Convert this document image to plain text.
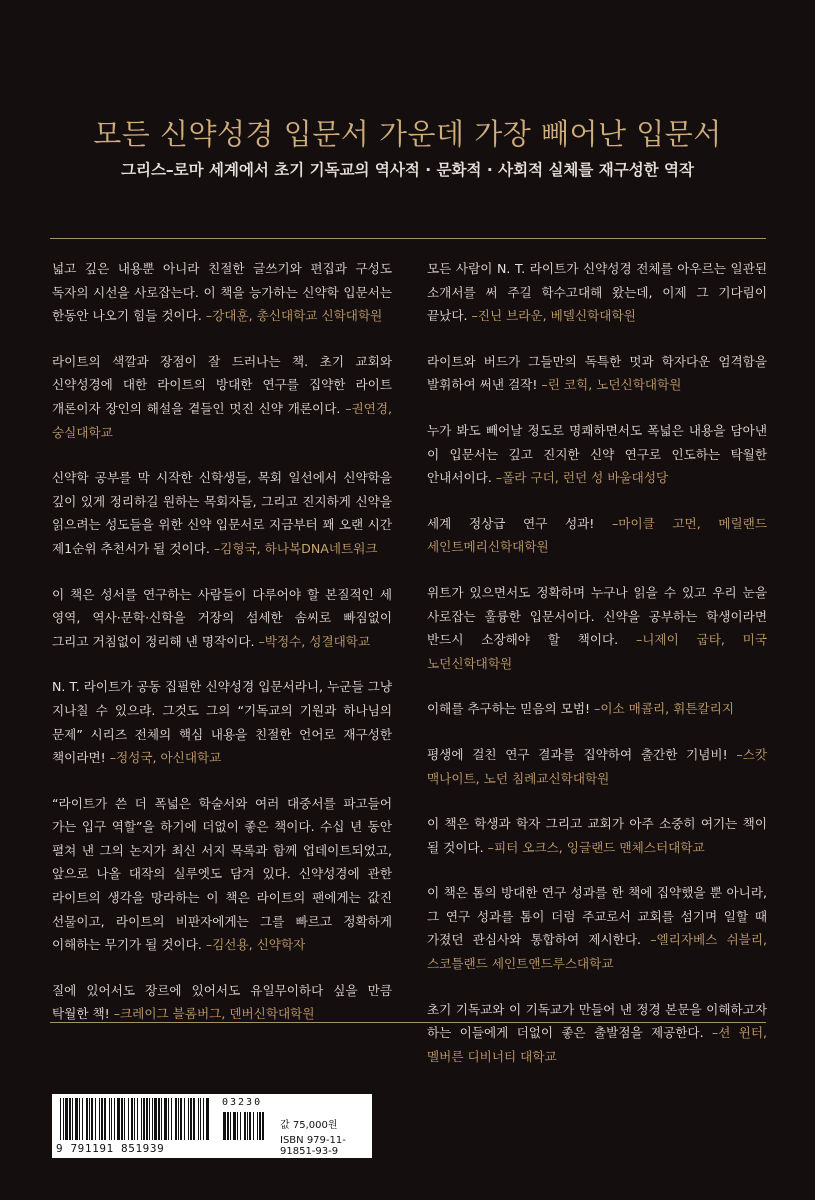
모든 신약성경 입문서 가운데 가장 빼어난 입문서
그리스–로마 세계에서 초기 기독교의 역사적 · 문화적 · 사회적 실체를 재구성한 역작

넓고 깊은 내용뿐 아니라 친절한 글쓰기와 편집과 구성도 독자의 시선을 사로잡는다. 이 책을 능가하는 신약학 입문서는 한동안 나오기 힘들 것이다. –강대훈, 총신대학교 신학대학원

라이트의 색깔과 장점이 잘 드러나는 책. 초기 교회와 신약성경에 대한 라이트의 방대한 연구를 집약한 라이트 개론이자 장인의 해설을 곁들인 멋진 신약 개론이다. –권연경, 숭실대학교

신약학 공부를 막 시작한 신학생들, 목회 일선에서 신약학을 깊이 있게 정리하길 원하는 목회자들, 그리고 진지하게 신약을 읽으려는 성도들을 위한 신약 입문서로 지금부터 꽤 오랜 시간 제1순위 추천서가 될 것이다. –김형국, 하나복DNA네트워크

이 책은 성서를 연구하는 사람들이 다루어야 할 본질적인 세 영역, 역사·문학·신학을 거장의 섬세한 솜씨로 빠짐없이 그리고 거침없이 정리해 낸 명작이다. –박정수, 성결대학교

N. T. 라이트가 공동 집필한 신약성경 입문서라니, 누군들 그냥 지나칠 수 있으랴. 그것도 그의 “기독교의 기원과 하나님의 문제” 시리즈 전체의 핵심 내용을 친절한 언어로 재구성한 책이라면! –정성국, 아신대학교

“라이트가 쓴 더 폭넓은 학술서와 여러 대중서를 파고들어 가는 입구 역할”을 하기에 더없이 좋은 책이다. 수십 년 동안 펼쳐 낸 그의 논지가 최신 서지 목록과 함께 업데이트되었고, 앞으로 나올 대작의 실루엣도 담겨 있다. 신약성경에 관한 라이트의 생각을 망라하는 이 책은 라이트의 팬에게는 값진 선물이고, 라이트의 비판자에게는 그를 빠르고 정확하게 이해하는 무기가 될 것이다. –김선용, 신약학자

질에 있어서도 장르에 있어서도 유일무이하다 싶을 만큼 탁월한 책! –크레이그 블롬버그, 덴버신학대학원

모든 사람이 N. T. 라이트가 신약성경 전체를 아우르는 일관된 소개서를 써 주길 학수고대해 왔는데, 이제 그 기다림이 끝났다. –진닌 브라운, 베델신학대학원

라이트와 버드가 그들만의 독특한 멋과 학자다운 엄격함을 발휘하여 써낸 걸작! –린 코힉, 노던신학대학원

누가 봐도 빼어날 정도로 명쾌하면서도 폭넓은 내용을 담아낸 이 입문서는 깊고 진지한 신약 연구로 인도하는 탁월한 안내서이다. –폴라 구더, 런던 성 바울대성당

세계 정상급 연구 성과! –마이클 고먼, 메릴랜드 세인트메리신학대학원

위트가 있으면서도 정확하며 누구나 읽을 수 있고 우리 눈을 사로잡는 훌륭한 입문서이다. 신약을 공부하는 학생이라면 반드시 소장해야 할 책이다. –니제이 굽타, 미국 노던신학대학원

이해를 추구하는 믿음의 모범! –이소 매콜리, 휘튼칼리지

평생에 걸친 연구 결과를 집약하여 출간한 기념비! –스캇 맥나이트, 노던 침례교신학대학원

이 책은 학생과 학자 그리고 교회가 아주 소중히 여기는 책이 될 것이다. –피터 오크스, 잉글랜드 맨체스터대학교

이 책은 톰의 방대한 연구 성과를 한 책에 집약했을 뿐 아니라, 그 연구 성과를 톰이 더럼 주교로서 교회를 섬기며 일할 때 가졌던 관심사와 통합하여 제시한다. –엘리자베스 쉬블리, 스코틀랜드 세인트앤드루스대학교

초기 기독교와 이 기독교가 만들어 낸 정경 본문을 이해하고자 하는 이들에게 더없이 좋은 출발점을 제공한다. –션 윈터, 멜버른 디비너티 대학교

9 791191 851939
03230
값 75,000원
ISBN 979-11-91851-93-9
